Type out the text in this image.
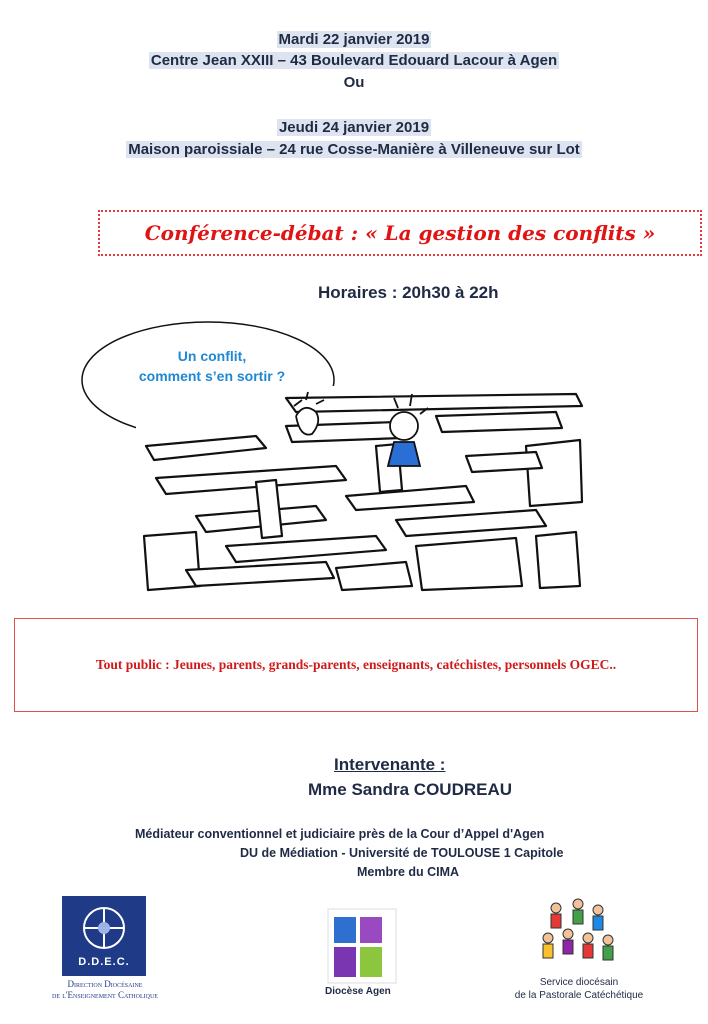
Mardi 22 janvier 2019
Centre Jean XXIII – 43 Boulevard Edouard Lacour à Agen
Ou
Jeudi 24 janvier 2019
Maison paroissiale – 24 rue Cosse-Manière à Villeneuve sur Lot
Conférence-débat : « La gestion des conflits »
Horaires : 20h30 à 22h
Un conflit,
comment s’en sortir ?
Tout public : Jeunes, parents, grands-parents, enseignants, catéchistes, personnels OGEC..
Intervenante :
Mme Sandra COUDREAU
Médiateur conventionnel et judiciaire près de la Cour d’Appel d'Agen
DU de Médiation - Université de TOULOUSE 1 Capitole
Membre du CIMA
D.D.E.C.
Direction Diocésaine
de l'Enseignement Catholique	Diocèse Agen
Service diocésain
de la Pastorale Catéchétique
